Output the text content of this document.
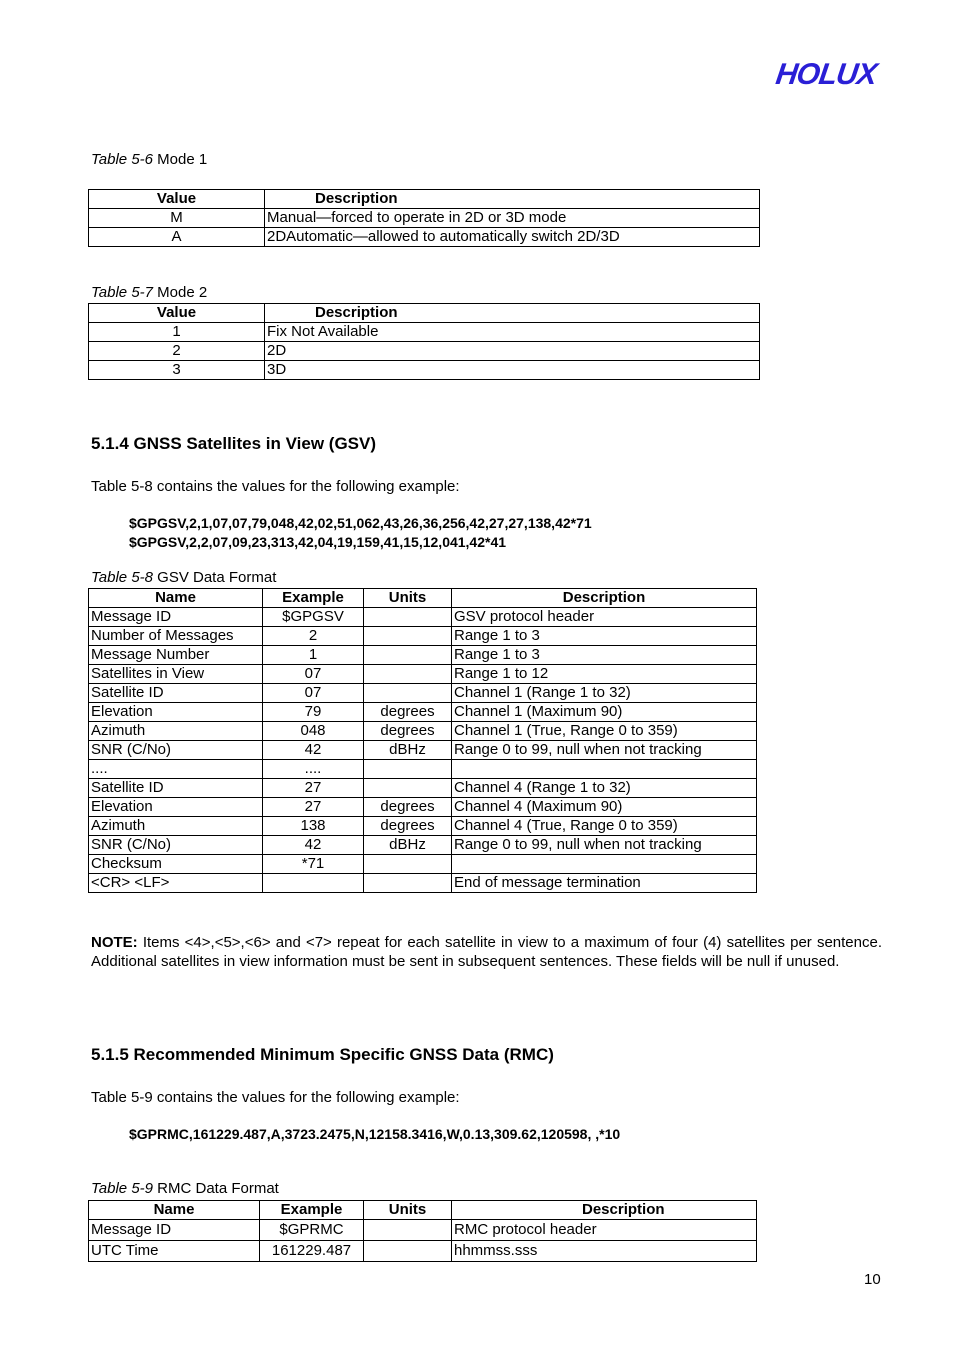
HOLUX
Table 5-6 Mode 1
Value	Description
M	Manual—forced to operate in 2D or 3D mode
A	2DAutomatic—allowed to automatically switch 2D/3D
Table 5-7 Mode 2
Value	Description
1	Fix Not Available
2	2D
3	3D
5.1.4 GNSS Satellites in View (GSV)
Table 5-8 contains the values for the following example:
$GPGSV,2,1,07,07,79,048,42,02,51,062,43,26,36,256,42,27,27,138,42*71
$GPGSV,2,2,07,09,23,313,42,04,19,159,41,15,12,041,42*41
Table 5-8 GSV Data Format
Name	Example	Units	Description
Message ID	$GPGSV		GSV protocol header
Number of Messages	2		Range 1 to 3
Message Number	1		Range 1 to 3
Satellites in View	07		Range 1 to 12
Satellite ID	07		Channel 1 (Range 1 to 32)
Elevation	79	degrees	Channel 1 (Maximum 90)
Azimuth	048	degrees	Channel 1 (True, Range 0 to 359)
SNR (C/No)	42	dBHz	Range 0 to 99, null when not tracking
....	....		
Satellite ID	27		Channel 4 (Range 1 to 32)
Elevation	27	degrees	Channel 4 (Maximum 90)
Azimuth	138	degrees	Channel 4 (True, Range 0 to 359)
SNR (C/No)	42	dBHz	Range 0 to 99, null when not tracking
Checksum	*71		
<CR> <LF>			End of message termination
NOTE: Items <4>,<5>,<6> and <7> repeat for each satellite in view to a maximum of four (4) satellites per sentence. Additional satellites in view information must be sent in subsequent sentences. These fields will be null if unused.
5.1.5 Recommended Minimum Specific GNSS Data (RMC)
Table 5-9 contains the values for the following example:
$GPRMC,161229.487,A,3723.2475,N,12158.3416,W,0.13,309.62,120598, ,*10
Table 5-9 RMC Data Format
Name	Example	Units	Description
Message ID	$GPRMC		RMC protocol header
UTC Time	161229.487		hhmmss.sss
10
